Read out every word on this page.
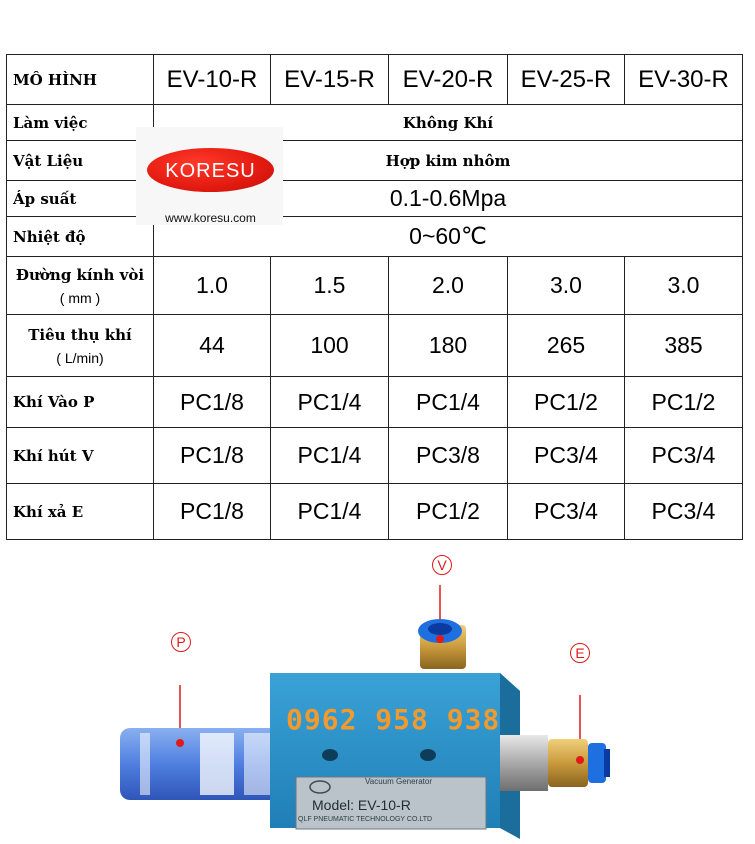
MÔ HÌNH	EV-10-R	EV-15-R	EV-20-R	EV-25-R	EV-30-R
Làm việc	Không Khí				
Vật Liệu	Hợp kim nhôm				
Áp suất	0.1-0.6Mpa				
Nhiệt độ	0~60℃				
Đường kính vòi
( mm )	1.0	1.5	2.0	3.0	3.0
Tiêu thụ khí
( L/min)	44	100	180	265	385
Khí Vào P	PC1/8	PC1/4	PC1/4	PC1/2	PC1/2
Khí hút V	PC1/8	PC1/4	PC3/8	PC3/4	PC3/4
Khí xả E	PC1/8	PC1/4	PC1/2	PC3/4	PC3/4
KORESU
www.koresu.com
P
V
E
0962 958 938
Vacuum Generator
Model: EV-10-R
QLF PNEUMATIC TECHNOLOGY CO.LTD
